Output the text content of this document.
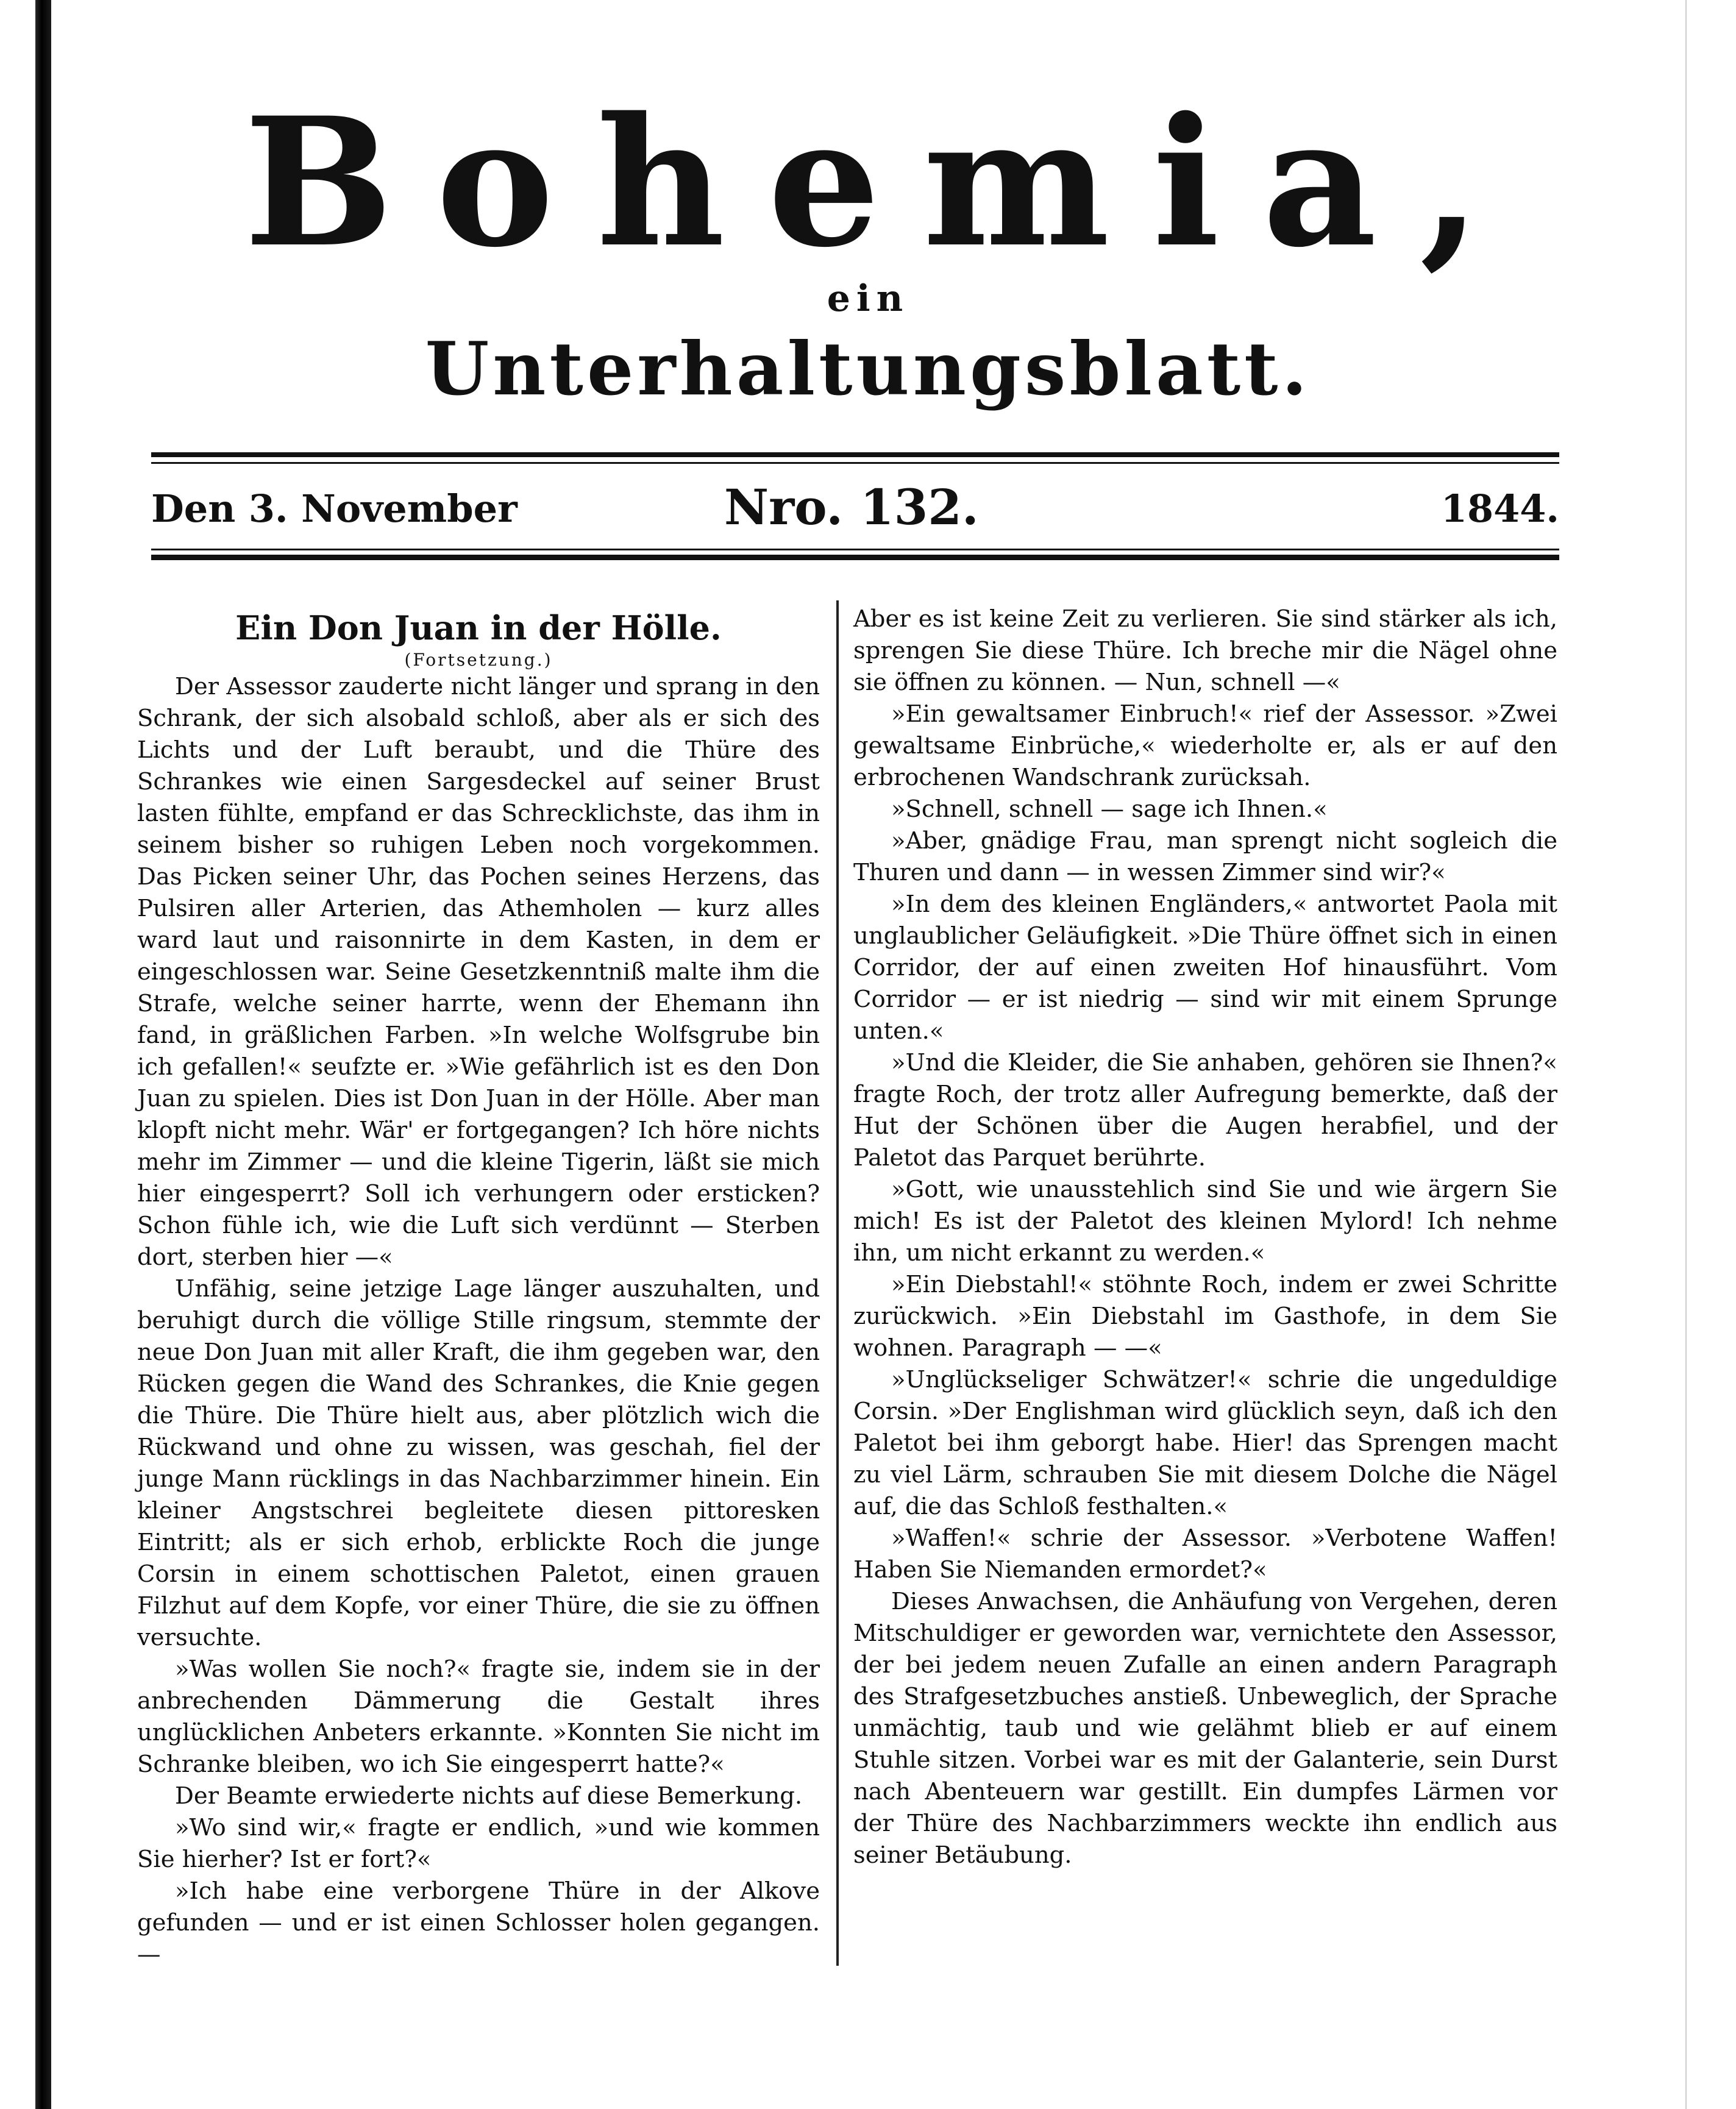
Bohemia,
ein
Unterhaltungsblatt.
Den 3. November	Nro. 132.	1844.

Ein Don Juan in der Hölle.

(Fortsetzung.)

Der Assessor zauderte nicht länger und sprang in den Schrank, der sich alsobald schloß, aber als er sich des Lichts und der Luft beraubt, und die Thüre des Schrankes wie einen Sargesdeckel auf seiner Brust lasten fühlte, empfand er das Schrecklichste, das ihm in seinem bisher so ruhigen Leben noch vorgekommen. Das Picken seiner Uhr, das Pochen seines Herzens, das Pulsiren aller Arterien, das Athemholen — kurz alles ward laut und raisonnirte in dem Kasten, in dem er eingeschlossen war. Seine Gesetzkenntniß malte ihm die Strafe, welche seiner harrte, wenn der Ehemann ihn fand, in gräßlichen Farben. »In welche Wolfsgrube bin ich gefallen!« seufzte er. »Wie gefährlich ist es den Don Juan zu spielen. Dies ist Don Juan in der Hölle. Aber man klopft nicht mehr. Wär' er fortgegangen? Ich höre nichts mehr im Zimmer — und die kleine Tigerin, läßt sie mich hier eingesperrt? Soll ich verhungern oder ersticken? Schon fühle ich, wie die Luft sich verdünnt — Sterben dort, sterben hier —«

Unfähig, seine jetzige Lage länger auszuhalten, und beruhigt durch die völlige Stille ringsum, stemmte der neue Don Juan mit aller Kraft, die ihm gegeben war, den Rücken gegen die Wand des Schrankes, die Knie gegen die Thüre. Die Thüre hielt aus, aber plötzlich wich die Rückwand und ohne zu wissen, was geschah, fiel der junge Mann rücklings in das Nachbarzimmer hinein. Ein kleiner Angstschrei begleitete diesen pittoresken Eintritt; als er sich erhob, erblickte Roch die junge Corsin in einem schottischen Paletot, einen grauen Filzhut auf dem Kopfe, vor einer Thüre, die sie zu öffnen versuchte.

»Was wollen Sie noch?« fragte sie, indem sie in der anbrechenden Dämmerung die Gestalt ihres unglücklichen Anbeters erkannte. »Konnten Sie nicht im Schranke bleiben, wo ich Sie eingesperrt hatte?«

Der Beamte erwiederte nichts auf diese Bemerkung.

»Wo sind wir,« fragte er endlich, »und wie kommen Sie hierher? Ist er fort?«

»Ich habe eine verborgene Thüre in der Alkove gefunden — und er ist einen Schlosser holen gegangen. —

Aber es ist keine Zeit zu verlieren. Sie sind stärker als ich, sprengen Sie diese Thüre. Ich breche mir die Nägel ohne sie öffnen zu können. — Nun, schnell —«

»Ein gewaltsamer Einbruch!« rief der Assessor. »Zwei gewaltsame Einbrüche,« wiederholte er, als er auf den erbrochenen Wandschrank zurücksah.

»Schnell, schnell — sage ich Ihnen.«

»Aber, gnädige Frau, man sprengt nicht sogleich die Thuren und dann — in wessen Zimmer sind wir?«

»In dem des kleinen Engländers,« antwortet Paola mit unglaublicher Geläufigkeit. »Die Thüre öffnet sich in einen Corridor, der auf einen zweiten Hof hinausführt. Vom Corridor — er ist niedrig — sind wir mit einem Sprunge unten.«

»Und die Kleider, die Sie anhaben, gehören sie Ihnen?« fragte Roch, der trotz aller Aufregung bemerkte, daß der Hut der Schönen über die Augen herabfiel, und der Paletot das Parquet berührte.

»Gott, wie unausstehlich sind Sie und wie ärgern Sie mich! Es ist der Paletot des kleinen Mylord! Ich nehme ihn, um nicht erkannt zu werden.«

»Ein Diebstahl!« stöhnte Roch, indem er zwei Schritte zurückwich. »Ein Diebstahl im Gasthofe, in dem Sie wohnen. Paragraph — —«

»Unglückseliger Schwätzer!« schrie die ungeduldige Corsin. »Der Englishman wird glücklich seyn, daß ich den Paletot bei ihm geborgt habe. Hier! das Sprengen macht zu viel Lärm, schrauben Sie mit diesem Dolche die Nägel auf, die das Schloß festhalten.«

»Waffen!« schrie der Assessor. »Verbotene Waffen! Haben Sie Niemanden ermordet?«

Dieses Anwachsen, die Anhäufung von Vergehen, deren Mitschuldiger er geworden war, vernichtete den Assessor, der bei jedem neuen Zufalle an einen andern Paragraph des Strafgesetzbuches anstieß. Unbeweglich, der Sprache unmächtig, taub und wie gelähmt blieb er auf einem Stuhle sitzen. Vorbei war es mit der Galanterie, sein Durst nach Abenteuern war gestillt. Ein dumpfes Lärmen vor der Thüre des Nachbarzimmers weckte ihn endlich aus seiner Betäubung.
